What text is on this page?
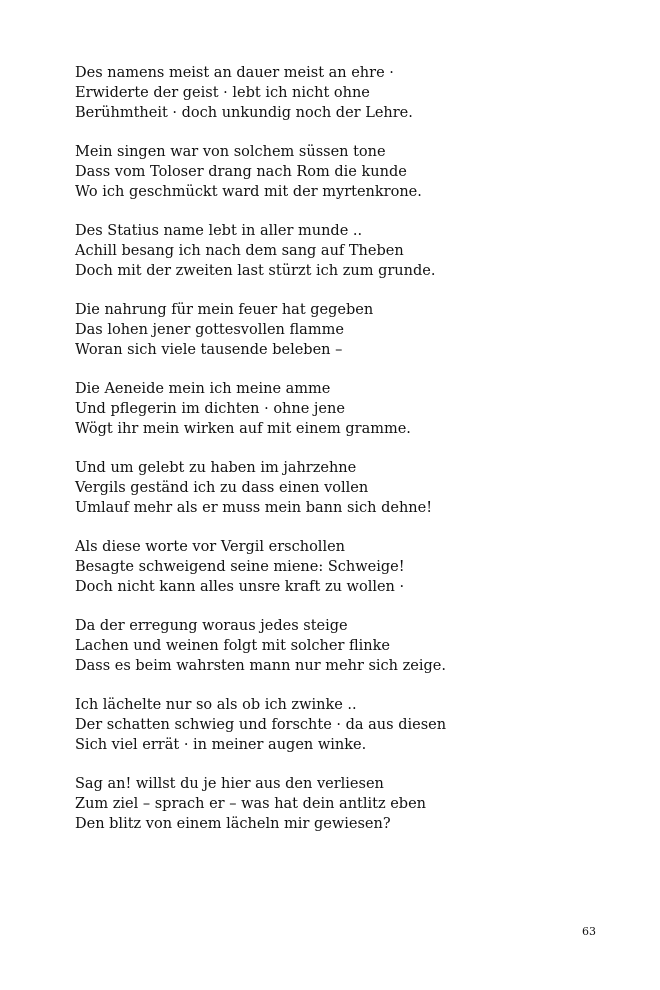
Des namens meist an dauer meist an ehre ·
Erwiderte der geist · lebt ich nicht ohne
Berühmtheit · doch unkundig noch der Lehre.
Mein singen war von solchem süssen tone
Dass vom Toloser drang nach Rom die kunde
Wo ich geschmückt ward mit der myrtenkrone.
Des Statius name lebt in aller munde ..
Achill besang ich nach dem sang auf Theben
Doch mit der zweiten last stürzt ich zum grunde.
Die nahrung für mein feuer hat gegeben
Das lohen jener gottesvollen flamme
Woran sich viele tausende beleben –
Die Aeneide mein ich meine amme
Und pflegerin im dichten · ohne jene
Wögt ihr mein wirken auf mit einem gramme.
Und um gelebt zu haben im jahrzehne
Vergils geständ ich zu dass einen vollen
Umlauf mehr als er muss mein bann sich dehne!
Als diese worte vor Vergil erschollen
Besagte schweigend seine miene: Schweige!
Doch nicht kann alles unsre kraft zu wollen ·
Da der erregung woraus jedes steige
Lachen und weinen folgt mit solcher flinke
Dass es beim wahrsten mann nur mehr sich zeige.
Ich lächelte nur so als ob ich zwinke ..
Der schatten schwieg und forschte · da aus diesen
Sich viel errät · in meiner augen winke.
Sag an! willst du je hier aus den verliesen
Zum ziel – sprach er – was hat dein antlitz eben
Den blitz von einem lächeln mir gewiesen?
63
